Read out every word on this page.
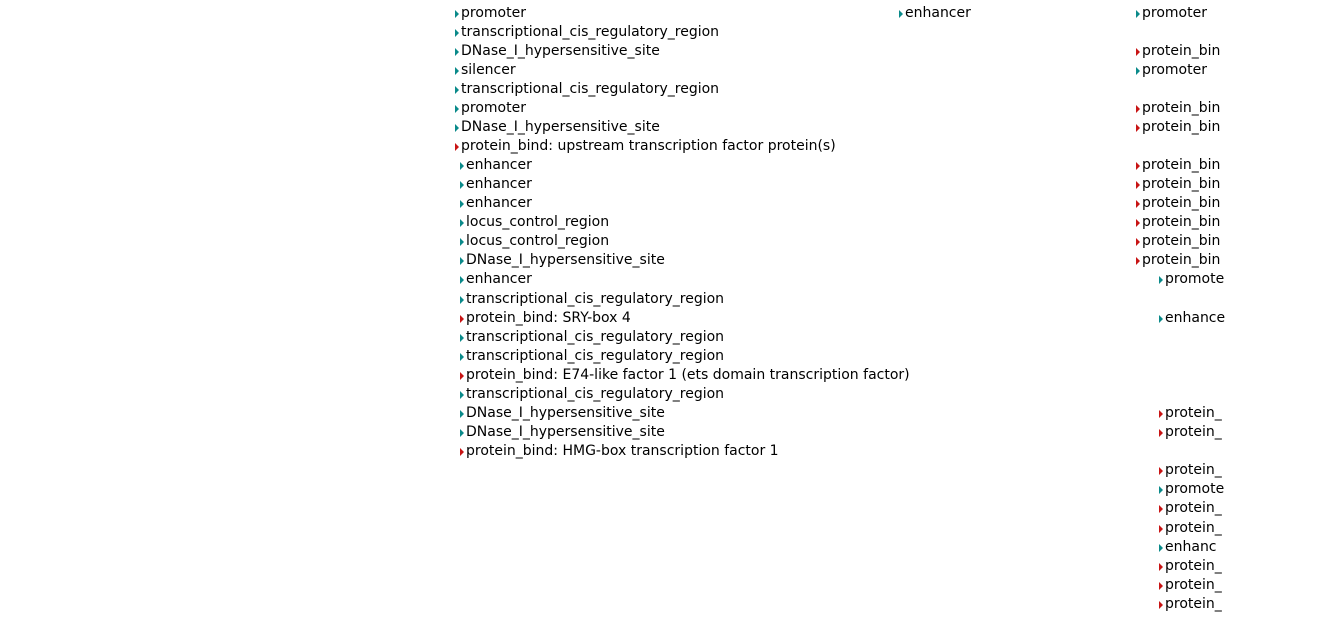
promoter
transcriptional_cis_regulatory_region
DNase_I_hypersensitive_site
silencer
transcriptional_cis_regulatory_region
promoter
DNase_I_hypersensitive_site
protein_bind: upstream transcription factor protein(s)
enhancer
enhancer
enhancer
locus_control_region
locus_control_region
DNase_I_hypersensitive_site
enhancer
transcriptional_cis_regulatory_region
protein_bind: SRY-box 4
transcriptional_cis_regulatory_region
transcriptional_cis_regulatory_region
protein_bind: E74-like factor 1 (ets domain transcription factor)
transcriptional_cis_regulatory_region
DNase_I_hypersensitive_site
DNase_I_hypersensitive_site
protein_bind: HMG-box transcription factor 1
enhancer	promoter
protein_bin
promoter
protein_bin
protein_bin
protein_bin
protein_bin
protein_bin
protein_bin
protein_bin
protein_bin
promote
enhance
protein_
protein_
protein_
promote
protein_
protein_
enhanc
protein_
protein_
protein_
